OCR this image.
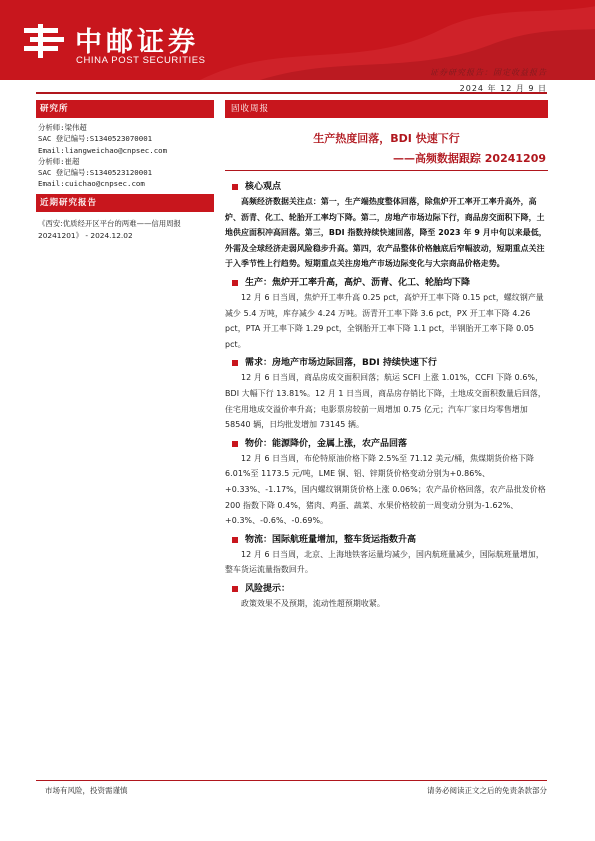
中邮证券
CHINA POST SECURITIES
证券研究报告：固定收益报告
2024 年 12 月 9 日
研究所
分析师:梁伟超
SAC 登记编号:S1340523070001
Email:liangweichao@cnpsec.com
分析师:崔超
SAC 登记编号:S1340523120001
Email:cuichao@cnpsec.com
近期研究报告
《西安:优质经开区平台的两难——信用周报 20241201》 - 2024.12.02
固收周报
生产热度回落，BDI 快速下行
——高频数据跟踪 20241209
核心观点
高频经济数据关注点：第一，生产端热度整体回落，除焦炉开工率开工率升高外，高炉、沥青、化工、轮胎开工率均下降。第二，房地产市场边际下行，商品房交面积下降，土地供应面积冲高回落。第三，BDI 指数持续快速回落，降至 2023 年 9 月中旬以来最低，外需及全球经济走弱风险稳步升高。第四，农产品整体价格触底后窄幅波动，短期重点关注于入季节性上行趋势。短期重点关注房地产市场边际变化与大宗商品价格走势。
生产：焦炉开工率升高，高炉、沥青、化工、轮胎均下降
12 月 6 日当周，焦炉开工率升高 0.25 pct，高炉开工率下降 0.15 pct，螺纹钢产量减少 5.4 万吨，库存减少 4.24 万吨。沥青开工率下降 3.6 pct，PX 开工率下降 4.26 pct，PTA 开工率下降 1.29 pct，全钢胎开工率下降 1.1 pct，半钢胎开工率下降 0.05 pct。
需求：房地产市场边际回落，BDI 持续快速下行
12 月 6 日当周，商品房成交面积回落；航运 SCFI 上涨 1.01%，CCFI 下降 0.6%，BDI 大幅下行 13.81%。12 月 1 日当周，商品房存销比下降，土地成交面积数量后回落，住宅用地成交溢价率升高；电影票房较前一周增加 0.75 亿元；汽车厂家日均零售增加 58540 辆，日均批发增加 73145 辆。
物价：能源降价，金属上涨，农产品回落
12 月 6 日当周，布伦特原油价格下降 2.5%至 71.12 美元/桶，焦煤期货价格下降 6.01%至 1173.5 元/吨，LME 铜、铝、锌期货价格变动分别为+0.86%、+0.33%、-1.17%，国内螺纹钢期货价格上涨 0.06%；农产品价格回落，农产品批发价格 200 指数下降 0.4%，猪肉、鸡蛋、蔬菜、水果价格较前一周变动分别为-1.62%、+0.3%、-0.6%、-0.69%。
物流：国际航班量增加，整车货运指数升高
12 月 6 日当周，北京、上海地铁客运量均减少，国内航班量减少，国际航班量增加，整车货运流量指数回升。
风险提示：
政策效果不及预期，流动性超预期收紧。
市场有风险，投资需谨慎	请务必阅读正文之后的免责条款部分
